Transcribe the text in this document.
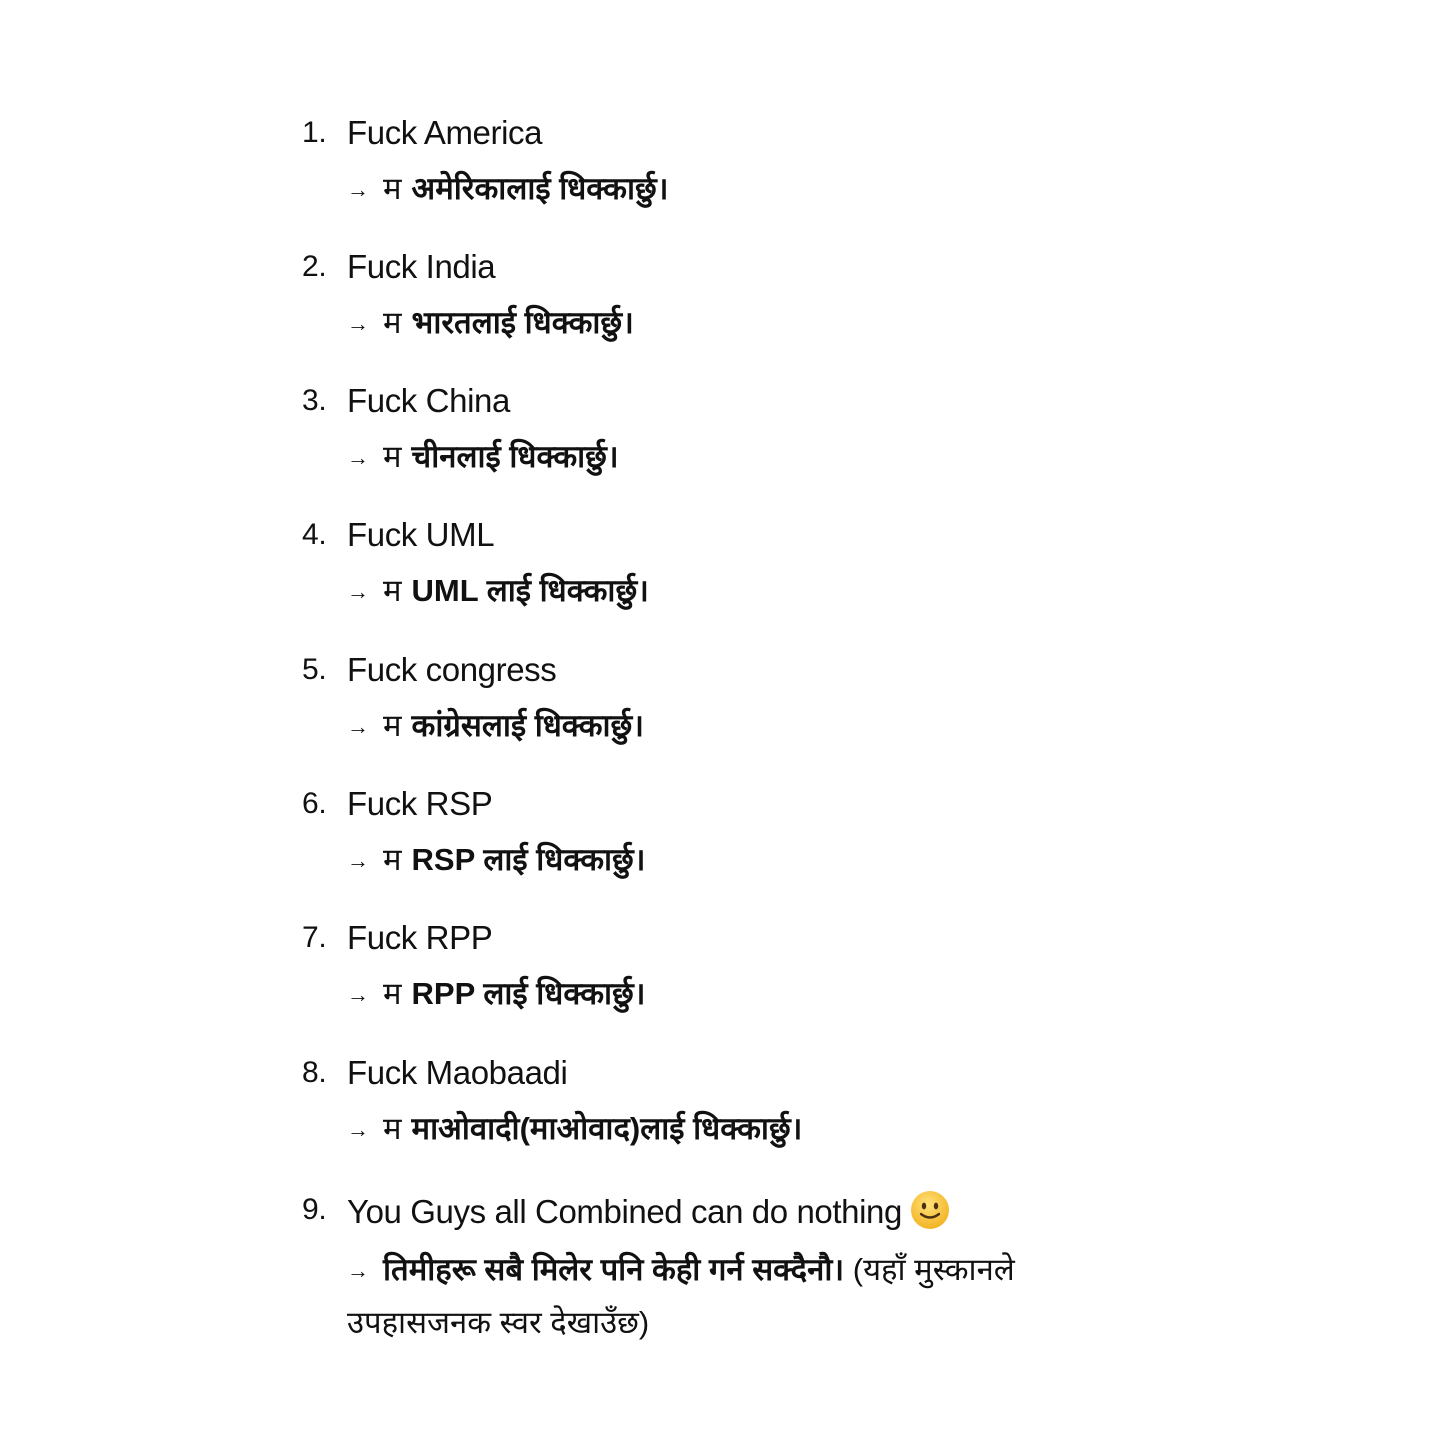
1. Fuck America
→ म अमेरिकालाई धिक्कार्छु।
2. Fuck India
→ म भारतलाई धिक्कार्छु।
3. Fuck China
→ म चीनलाई धिक्कार्छु।
4. Fuck UML
→ म UML लाई धिक्कार्छु।
5. Fuck congress
→ म कांग्रेसलाई धिक्कार्छु।
6. Fuck RSP
→ म RSP लाई धिक्कार्छु।
7. Fuck RPP
→ म RPP लाई धिक्कार्छु।
8. Fuck Maobaadi
→ म माओवादी(माओवाद)लाई धिक्कार्छु।
9. You Guys all Combined can do nothing
→ तिमीहरू सबै मिलेर पनि केही गर्न सक्दैनौ। (यहाँ मुस्कानले उपहासजनक स्वर देखाउँछ)
